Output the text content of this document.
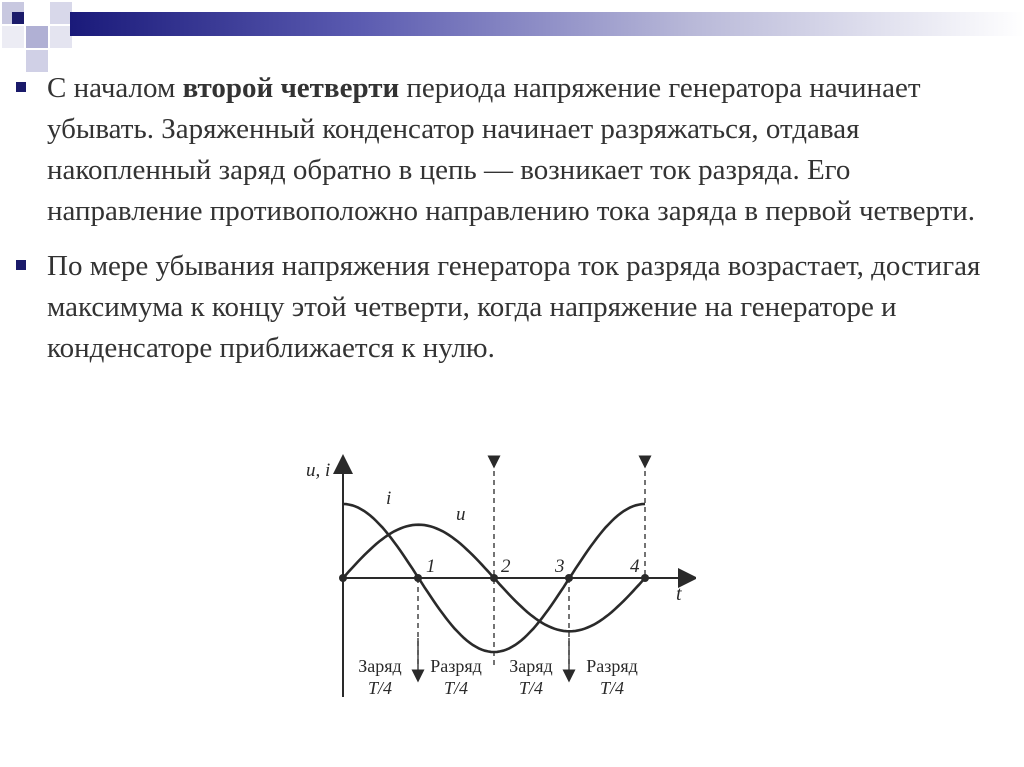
С началом второй четверти периода напряжение генератора начинает убывать. Заряженный конденсатор начинает разряжаться, отдавая накопленный заряд обратно в цепь — возникает ток разряда. Его направление противоположно направлению тока заряда в первой четверти.
По мере убывания напряжения генератора ток разряда возрастает, достигая максимума к концу этой четверти, когда напряжение на генераторе и конденсаторе приближается к нулю.
u, i
t
i
u
1	2 3	4
Заряд
T/4
Разряд
T/4
Заряд
T/4
Разряд
T/4
